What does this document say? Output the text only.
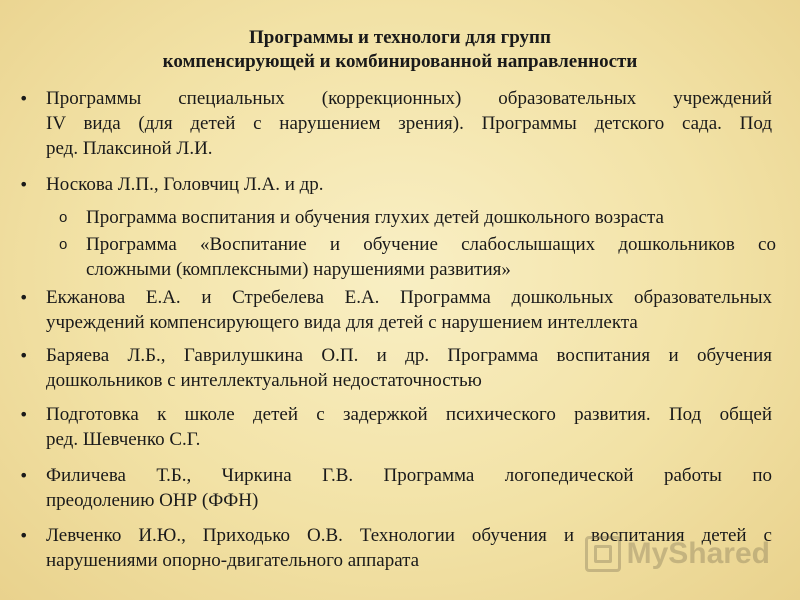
Программы и технологи для групп
компенсирующей и комбинированной направленности
• Программы специальных (коррекционных) образовательных учреждений
IV вида (для детей с нарушением зрения). Программы детского сада. Под
ред. Плаксиной Л.И.
• Носкова Л.П., Головчиц Л.А. и др.
o Программа воспитания и обучения глухих детей дошкольного возраста
o Программа «Воспитание и обучение слабослышащих дошкольников со
сложными (комплексными) нарушениями развития»
• Екжанова Е.А. и Стребелева Е.А. Программа дошкольных образовательных
учреждений компенсирующего вида для детей с нарушением интеллекта
• Баряева Л.Б., Гаврилушкина О.П. и др. Программа воспитания и обучения
дошкольников с интеллектуальной недостаточностью
• Подготовка к школе детей с задержкой психического развития. Под общей
ред. Шевченко С.Г.
• Филичева Т.Б., Чиркина Г.В. Программа логопедической работы по
преодолению ОНР (ФФН)
• Левченко И.Ю., Приходько О.В. Технологии обучения и воспитания детей с
нарушениями опорно-двигательного аппарата	MyShared
